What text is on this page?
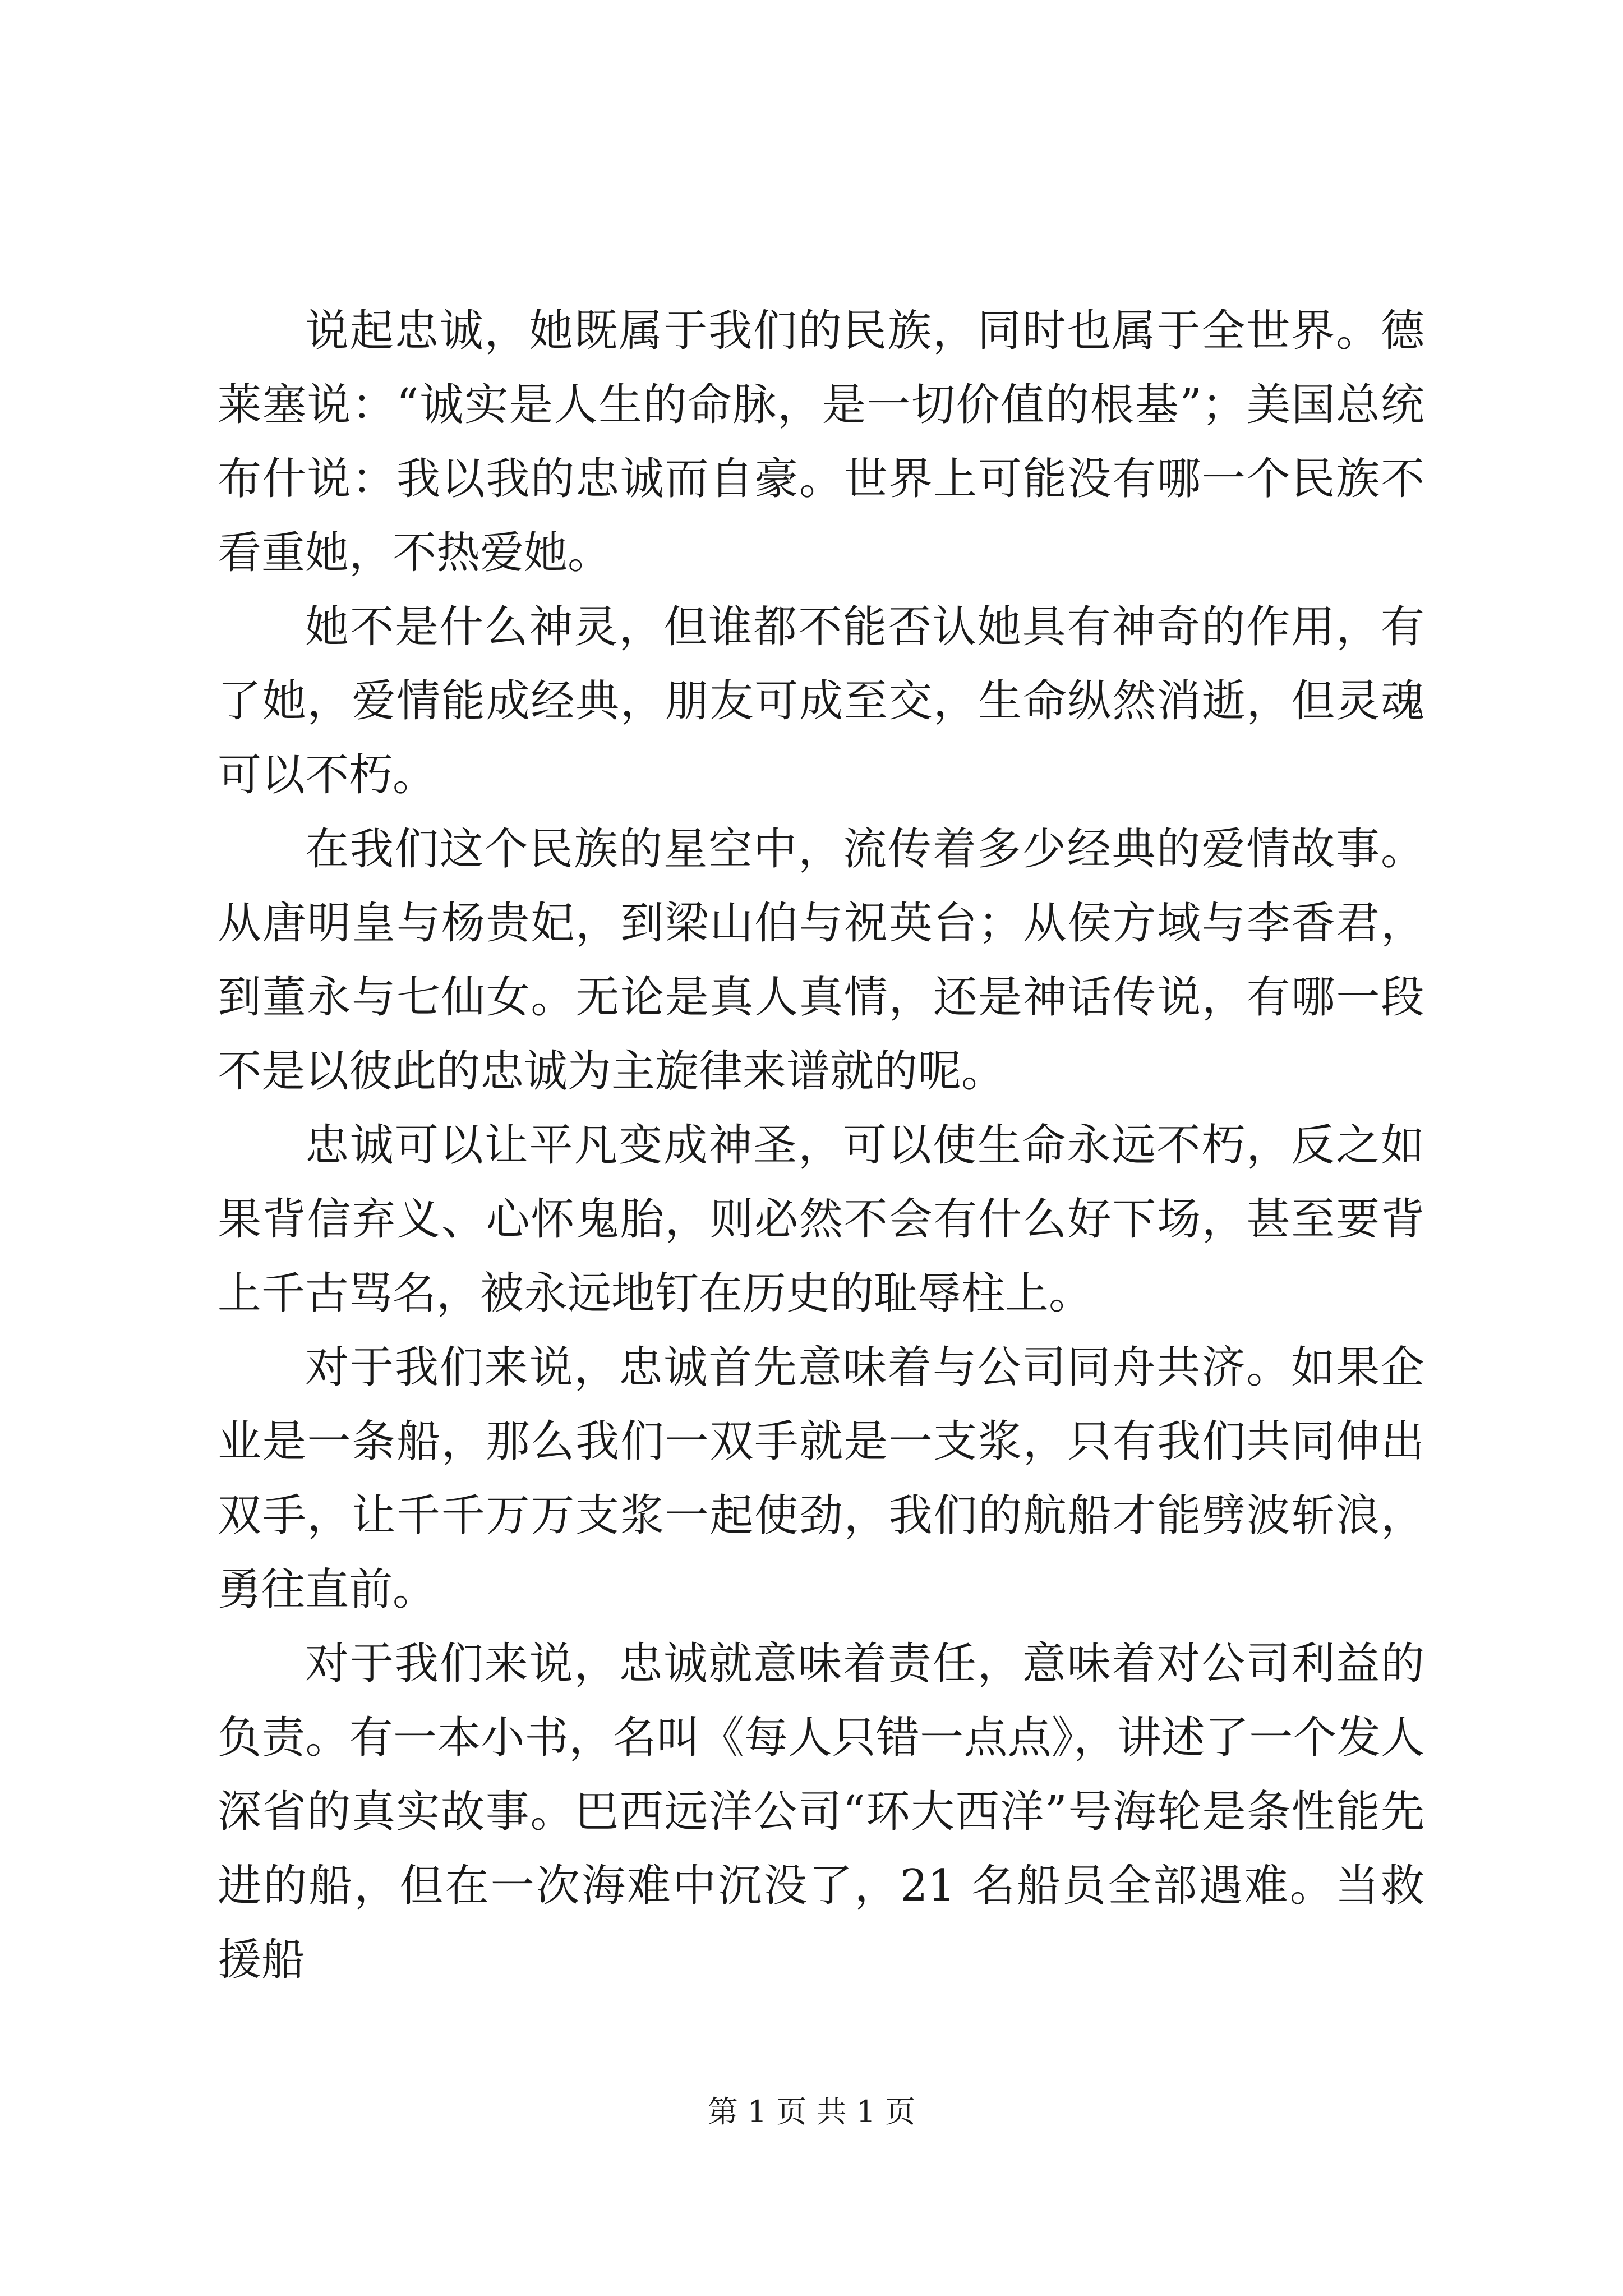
说起忠诚，她既属于我们的民族，同时也属于全世界。德莱塞说：“诚实是人生的命脉，是一切价值的根基”；美国总统布什说：我以我的忠诚而自豪。世界上可能没有哪一个民族不看重她，不热爱她。

她不是什么神灵，但谁都不能否认她具有神奇的作用，有了她，爱情能成经典，朋友可成至交，生命纵然消逝，但灵魂可以不朽。

在我们这个民族的星空中，流传着多少经典的爱情故事。从唐明皇与杨贵妃，到梁山伯与祝英台；从侯方域与李香君，到董永与七仙女。无论是真人真情，还是神话传说，有哪一段不是以彼此的忠诚为主旋律来谱就的呢。

忠诚可以让平凡变成神圣，可以使生命永远不朽，反之如果背信弃义、心怀鬼胎，则必然不会有什么好下场，甚至要背上千古骂名，被永远地钉在历史的耻辱柱上。

对于我们来说，忠诚首先意味着与公司同舟共济。如果企业是一条船，那么我们一双手就是一支浆，只有我们共同伸出双手，让千千万万支浆一起使劲，我们的航船才能劈波斩浪，勇往直前。

对于我们来说，忠诚就意味着责任，意味着对公司利益的负责。有一本小书，名叫《每人只错一点点》，讲述了一个发人深省的真实故事。巴西远洋公司“环大西洋”号海轮是条性能先进的船，但在一次海难中沉没了，21 名船员全部遇难。当救援船

第 1 页 共 1 页
